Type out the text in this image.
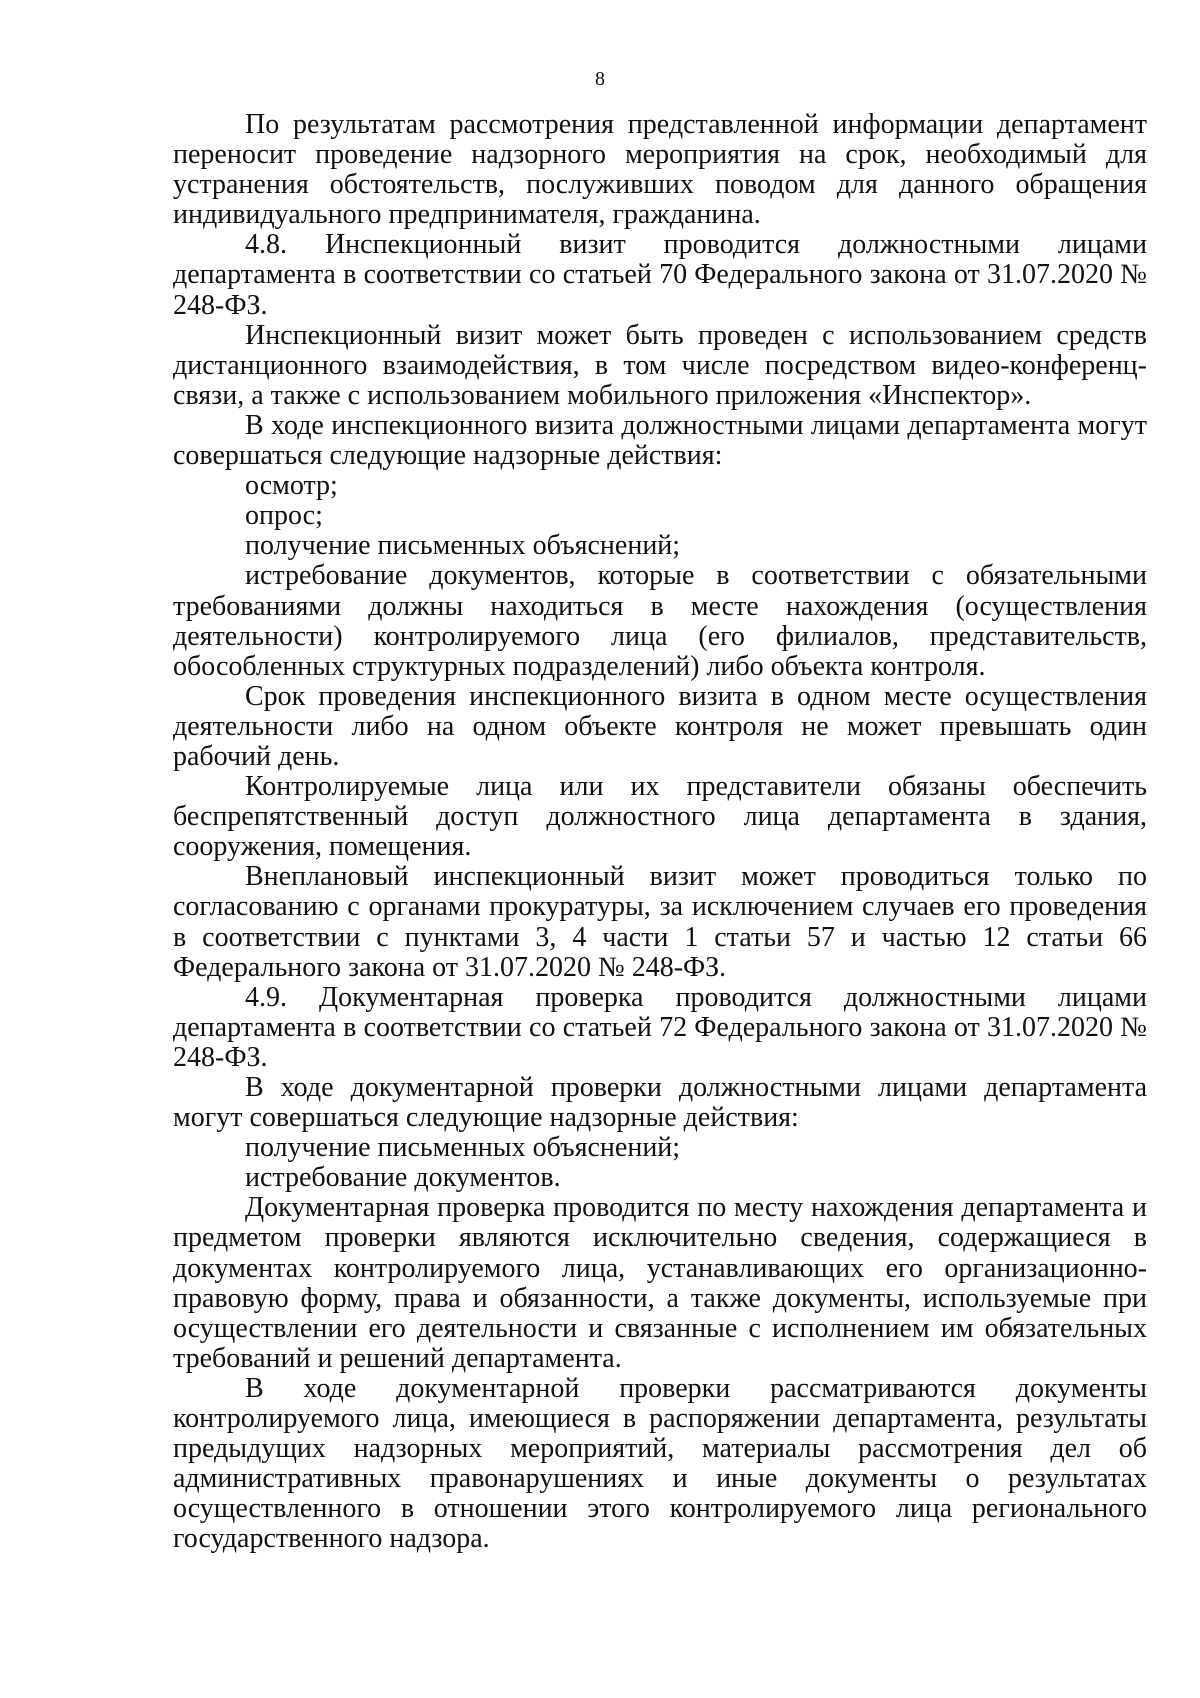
8

По результатам рассмотрения представленной информации департамент переносит проведение надзорного мероприятия на срок, необходимый для устранения обстоятельств, послуживших поводом для данного обращения индивидуального предпринимателя, гражданина.

4.8. Инспекционный визит проводится должностными лицами департамента в соответствии со статьей 70 Федерального закона от 31.07.2020 № 248-ФЗ.

Инспекционный визит может быть проведен с использованием средств дистанционного взаимодействия, в том числе посредством видео-конференц-связи, а также с использованием мобильного приложения «Инспектор».

В ходе инспекционного визита должностными лицами департамента могут совершаться следующие надзорные действия:

осмотр;

опрос;

получение письменных объяснений;

истребование документов, которые в соответствии с обязательными требованиями должны находиться в месте нахождения (осуществления деятельности) контролируемого лица (его филиалов, представительств, обособленных структурных подразделений) либо объекта контроля.

Срок проведения инспекционного визита в одном месте осуществления деятельности либо на одном объекте контроля не может превышать один рабочий день.

Контролируемые лица или их представители обязаны обеспечить беспрепятственный доступ должностного лица департамента в здания, сооружения, помещения.

Внеплановый инспекционный визит может проводиться только по согласованию с органами прокуратуры, за исключением случаев его проведения в соответствии с пунктами 3, 4 части 1 статьи 57 и частью 12 статьи 66 Федерального закона от 31.07.2020 № 248-ФЗ.

4.9. Документарная проверка проводится должностными лицами департамента в соответствии со статьей 72 Федерального закона от 31.07.2020 № 248-ФЗ.

В ходе документарной проверки должностными лицами департамента могут совершаться следующие надзорные действия:

получение письменных объяснений;

истребование документов.

Документарная проверка проводится по месту нахождения департамента и предметом проверки являются исключительно сведения, содержащиеся в документах контролируемого лица, устанавливающих его организационно-правовую форму, права и обязанности, а также документы, используемые при осуществлении его деятельности и связанные с исполнением им обязательных требований и решений департамента.

В ходе документарной проверки рассматриваются документы контролируемого лица, имеющиеся в распоряжении департамента, результаты предыдущих надзорных мероприятий, материалы рассмотрения дел об административных правонарушениях и иные документы о результатах осуществленного в отношении этого контролируемого лица регионального государственного надзора.
